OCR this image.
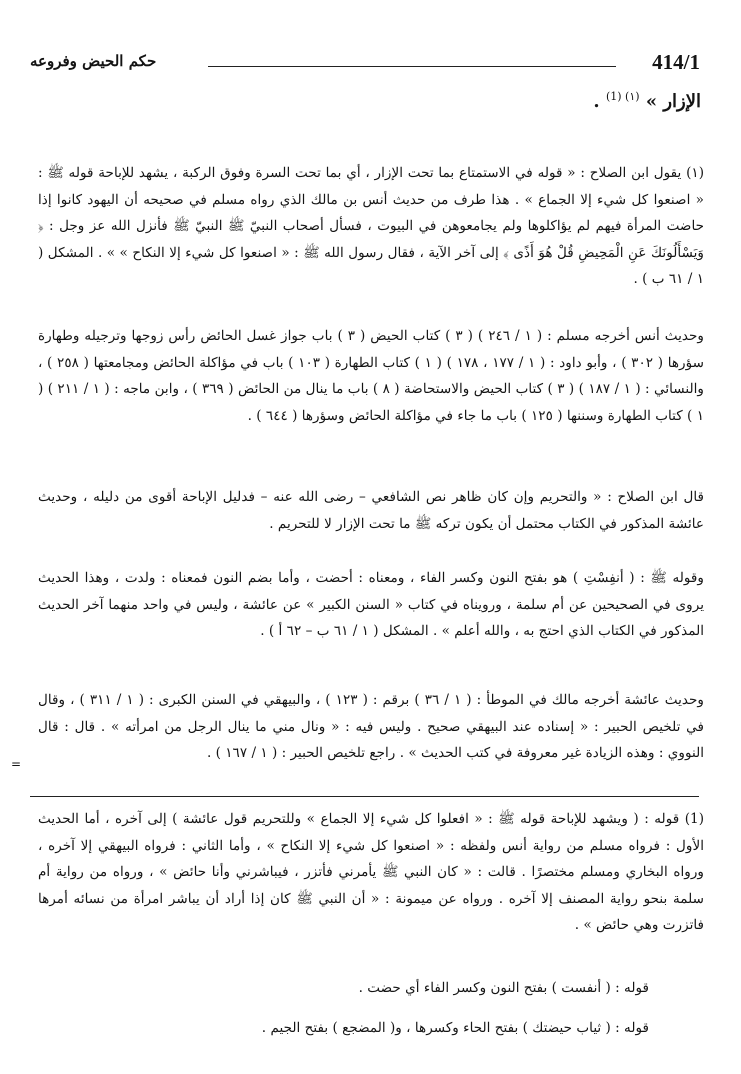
414/1
حكم الحيض وفروعه
الإزار » $^{(١) (1)}$ .

(١) يقول ابن الصلاح : « قوله في الاستمتاع بما تحت الإزار ، أي بما تحت السرة وفوق الركبة ، يشهد للإباحة قوله ﷺ : « اصنعوا كل شيء إلا الجماع » . هذا طرف من حديث أنس بن مالك الذي رواه مسلم في صحيحه أن اليهود كانوا إذا حاضت المرأة فيهم لم يؤاكلوها ولم يجامعوهن في البيوت ، فسأل أصحاب النبيّ ﷺ النبيّ ﷺ فأنزل الله عز وجل : ﴿ وَيَسْأَلُونَكَ عَنِ الْمَحِيضِ قُلْ هُوَ أَذًى ﴾ إلى آخر الآية ، فقال رسول الله ﷺ : « اصنعوا كل شيء إلا النكاح » » . المشكل ( ١ / ٦١ ب ) .

وحديث أنس أخرجه مسلم : ( ١ / ٢٤٦ ) ( ٣ ) كتاب الحيض ( ٣ ) باب جواز غسل الحائض رأس زوجها وترجيله وطهارة سؤرها ( ٣٠٢ ) ، وأبو داود : ( ١ / ١٧٧ ، ١٧٨ ) ( ١ ) كتاب الطهارة ( ١٠٣ ) باب في مؤاكلة الحائض ومجامعتها ( ٢٥٨ ) ، والنسائي : ( ١ / ١٨٧ ) ( ٣ ) كتاب الحيض والاستحاضة ( ٨ ) باب ما ينال من الحائض ( ٣٦٩ ) ، وابن ماجه : ( ١ / ٢١١ ) ( ١ ) كتاب الطهارة وسننها ( ١٢٥ ) باب ما جاء في مؤاكلة الحائض وسؤرها ( ٦٤٤ ) .

قال ابن الصلاح : « والتحريم وإن كان ظاهر نص الشافعي – رضى الله عنه – فدليل الإباحة أقوى من دليله ، وحديث عائشة المذكور في الكتاب محتمل أن يكون تركه ﷺ ما تحت الإزار لا للتحريم .

وقوله ﷺ : ( أنفِسْتِ ) هو بفتح النون وكسر الفاء ، ومعناه : أحضت ، وأما بضم النون فمعناه : ولدت ، وهذا الحديث يروى في الصحيحين عن أم سلمة ، ورويناه في كتاب « السنن الكبير » عن عائشة ، وليس في واحد منهما آخر الحديث المذكور في الكتاب الذي احتج به ، والله أعلم » . المشكل ( ١ / ٦١ ب – ٦٢ أ ) .

وحديث عائشة أخرجه مالك في الموطأ : ( ١ / ٣٦ ) برقم : ( ١٢٣ ) ، والبيهقي في السنن الكبرى : ( ١ / ٣١١ ) ، وقال في تلخيص الحبير : « إسناده عند البيهقي صحيح . وليس فيه : « ونال مني ما ينال الرجل من امرأته » . قال : قال النووي : وهذه الزيادة غير معروفة في كتب الحديث » . راجع تلخيص الحبير : ( ١ / ١٦٧ ) .

=

(1) قوله : ( ويشهد للإباحة قوله ﷺ : « افعلوا كل شيء إلا الجماع » وللتحريم قول عائشة ) إلى آخره ، أما الحديث الأول : فرواه مسلم من رواية أنس ولفظه : « اصنعوا كل شيء إلا النكاح » ، وأما الثاني : فرواه البيهقي إلا آخره ، ورواه البخاري ومسلم مختصرًا . قالت : « كان النبي ﷺ يأمرني فأتزر ، فيباشرني وأنا حائض » ، ورواه من رواية أم سلمة بنحو رواية المصنف إلا آخره . ورواه عن ميمونة : « أن النبي ﷺ كان إذا أراد أن يباشر امرأة من نسائه أمرها فاتزرت وهي حائض » .

قوله : ( أنفست ) بفتح النون وكسر الفاء أي حضت .
قوله : ( ثياب حيضتك ) بفتح الحاء وكسرها ، و( المضجع ) بفتح الجيم .
